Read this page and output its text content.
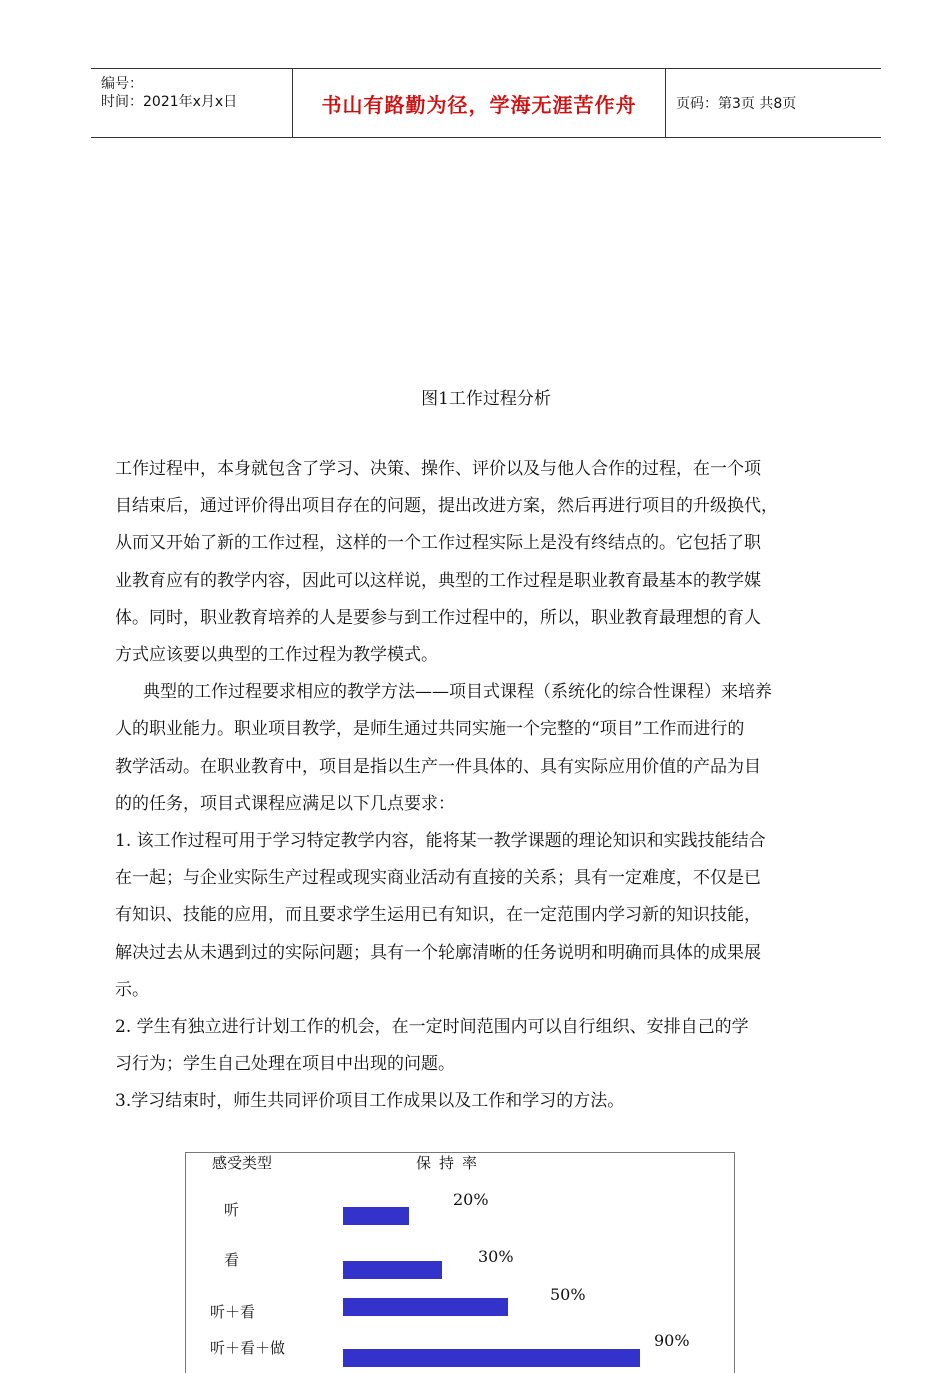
编号：
时间：2021年x月x日	书山有路勤为径，学海无涯苦作舟	页码：第3页 共8页
图1工作过程分析

工作过程中，本身就包含了学习、决策、操作、评价以及与他人合作的过程，在一个项

目结束后，通过评价得出项目存在的问题，提出改进方案，然后再进行项目的升级换代，

从而又开始了新的工作过程，这样的一个工作过程实际上是没有终结点的。它包括了职

业教育应有的教学内容，因此可以这样说，典型的工作过程是职业教育最基本的教学媒

体。同时，职业教育培养的人是要参与到工作过程中的，所以，职业教育最理想的育人

方式应该要以典型的工作过程为教学模式。

典型的工作过程要求相应的教学方法——项目式课程（系统化的综合性课程）来培养

人的职业能力。职业项目教学，是师生通过共同实施一个完整的“项目”工作而进行的

教学活动。在职业教育中，项目是指以生产一件具体的、具有实际应用价值的产品为目

的的任务，项目式课程应满足以下几点要求：

1. 该工作过程可用于学习特定教学内容，能将某一教学课题的理论知识和实践技能结合

在一起；与企业实际生产过程或现实商业活动有直接的关系；具有一定难度，不仅是已

有知识、技能的应用，而且要求学生运用已有知识，在一定范围内学习新的知识技能，

解决过去从未遇到过的实际问题；具有一个轮廓清晰的任务说明和明确而具体的成果展

示。

2. 学生有独立进行计划工作的机会，在一定时间范围内可以自行组织、安排自己的学

习行为；学生自己处理在项目中出现的问题。

3.学习结束时，师生共同评价项目工作成果以及工作和学习的方法。

感受类型	保持率
听
20%
看	30%
听＋看
50%
听＋看＋做	90%
